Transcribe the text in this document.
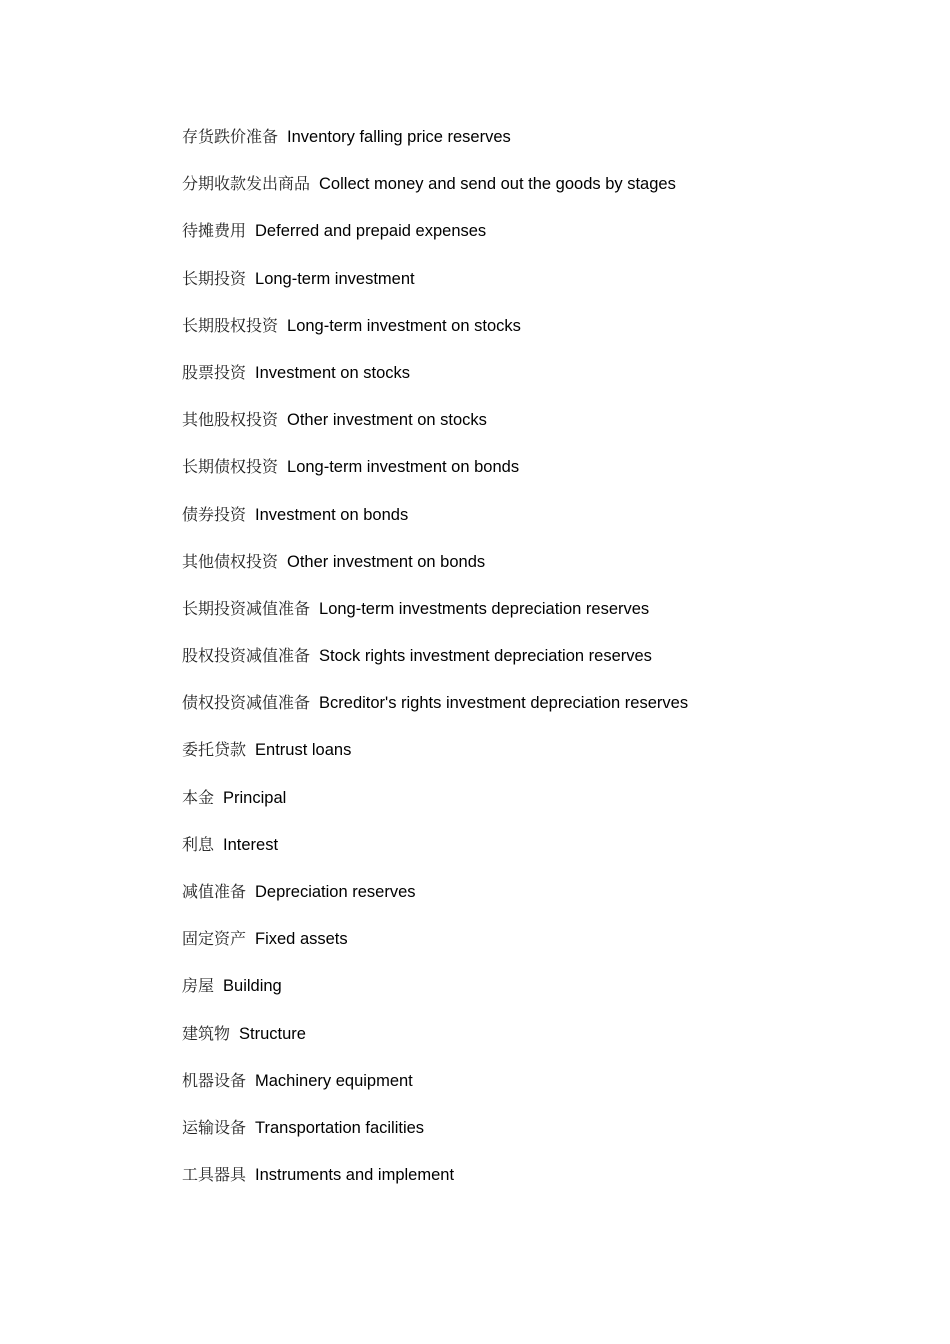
存货跌价准备 Inventory falling price reserves
分期收款发出商品 Collect money and send out the goods by stages
待摊费用 Deferred and prepaid expenses
长期投资 Long-term investment
长期股权投资 Long-term investment on stocks
股票投资 Investment on stocks
其他股权投资 Other investment on stocks
长期债权投资 Long-term investment on bonds
债券投资 Investment on bonds
其他债权投资 Other investment on bonds
长期投资减值准备 Long-term investments depreciation reserves
股权投资减值准备 Stock rights investment depreciation reserves
债权投资减值准备 Bcreditor's rights investment depreciation reserves
委托贷款 Entrust loans
本金 Principal
利息 Interest
减值准备 Depreciation reserves
固定资产 Fixed assets
房屋 Building
建筑物 Structure
机器设备 Machinery equipment
运输设备 Transportation facilities
工具器具 Instruments and implement
